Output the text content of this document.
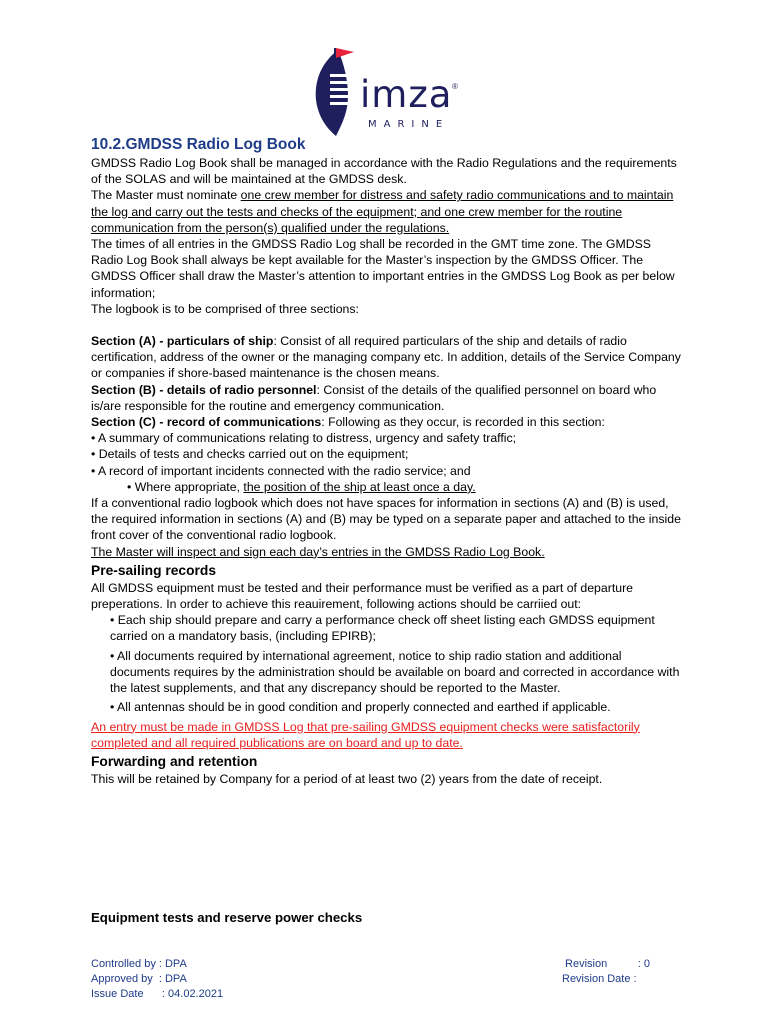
imza ®
MARINE

10.2.GMDSS Radio Log Book

GMDSS Radio Log Book shall be managed in accordance with the Radio Regulations and the requirements of the SOLAS and will be maintained at the GMDSS desk.

The Master must nominate one crew member for distress and safety radio communications and to maintain the log and carry out the tests and checks of the equipment; and one crew member for the routine communication from the person(s) qualified under the regulations.

The times of all entries in the GMDSS Radio Log shall be recorded in the GMT time zone. The GMDSS Radio Log Book shall always be kept available for the Master’s inspection by the GMDSS Officer. The GMDSS Officer shall draw the Master’s attention to important entries in the GMDSS Log Book as per below information;

The logbook is to be comprised of three sections:

Section (A) - particulars of ship: Consist of all required particulars of the ship and details of radio certification, address of the owner or the managing company etc. In addition, details of the Service Company or companies if shore-based maintenance is the chosen means.

Section (B) - details of radio personnel: Consist of the details of the qualified personnel on board who is/are responsible for the routine and emergency communication.

Section (C) - record of communications: Following as they occur, is recorded in this section:

• A summary of communications relating to distress, urgency and safety traffic;

• Details of tests and checks carried out on the equipment;

• A record of important incidents connected with the radio service; and

• Where appropriate, the position of the ship at least once a day.

If a conventional radio logbook which does not have spaces for information in sections (A) and (B) is used, the required information in sections (A) and (B) may be typed on a separate paper and attached to the inside front cover of the conventional radio logbook.

The Master will inspect and sign each day’s entries in the GMDSS Radio Log Book.

Pre-sailing records

All GMDSS equipment must be tested and their performance must be verified as a part of departure preperations. In order to achieve this reauirement, following actions should be carriied out:

• Each ship should prepare and carry a performance check off sheet listing each GMDSS equipment carried on a mandatory basis, (including EPIRB);

• All documents required by international agreement, notice to ship radio station and additional documents requires by the administration should be available on board and corrected in accordance with the latest supplements, and that any discrepancy should be reported to the Master.

• All antennas should be in good condition and properly connected and earthed if applicable.

An entry must be made in GMDSS Log that pre-sailing GMDSS equipment checks were satisfactorily completed and all required publications are on board and up to date.

Forwarding and retention

This will be retained by Company for a period of at least two (2) years from the date of receipt.

Equipment tests and reserve power checks
Controlled by : DPA
Approved by  : DPA
Issue Date      : 04.02.2021
Revision          : 0
Revision Date :
